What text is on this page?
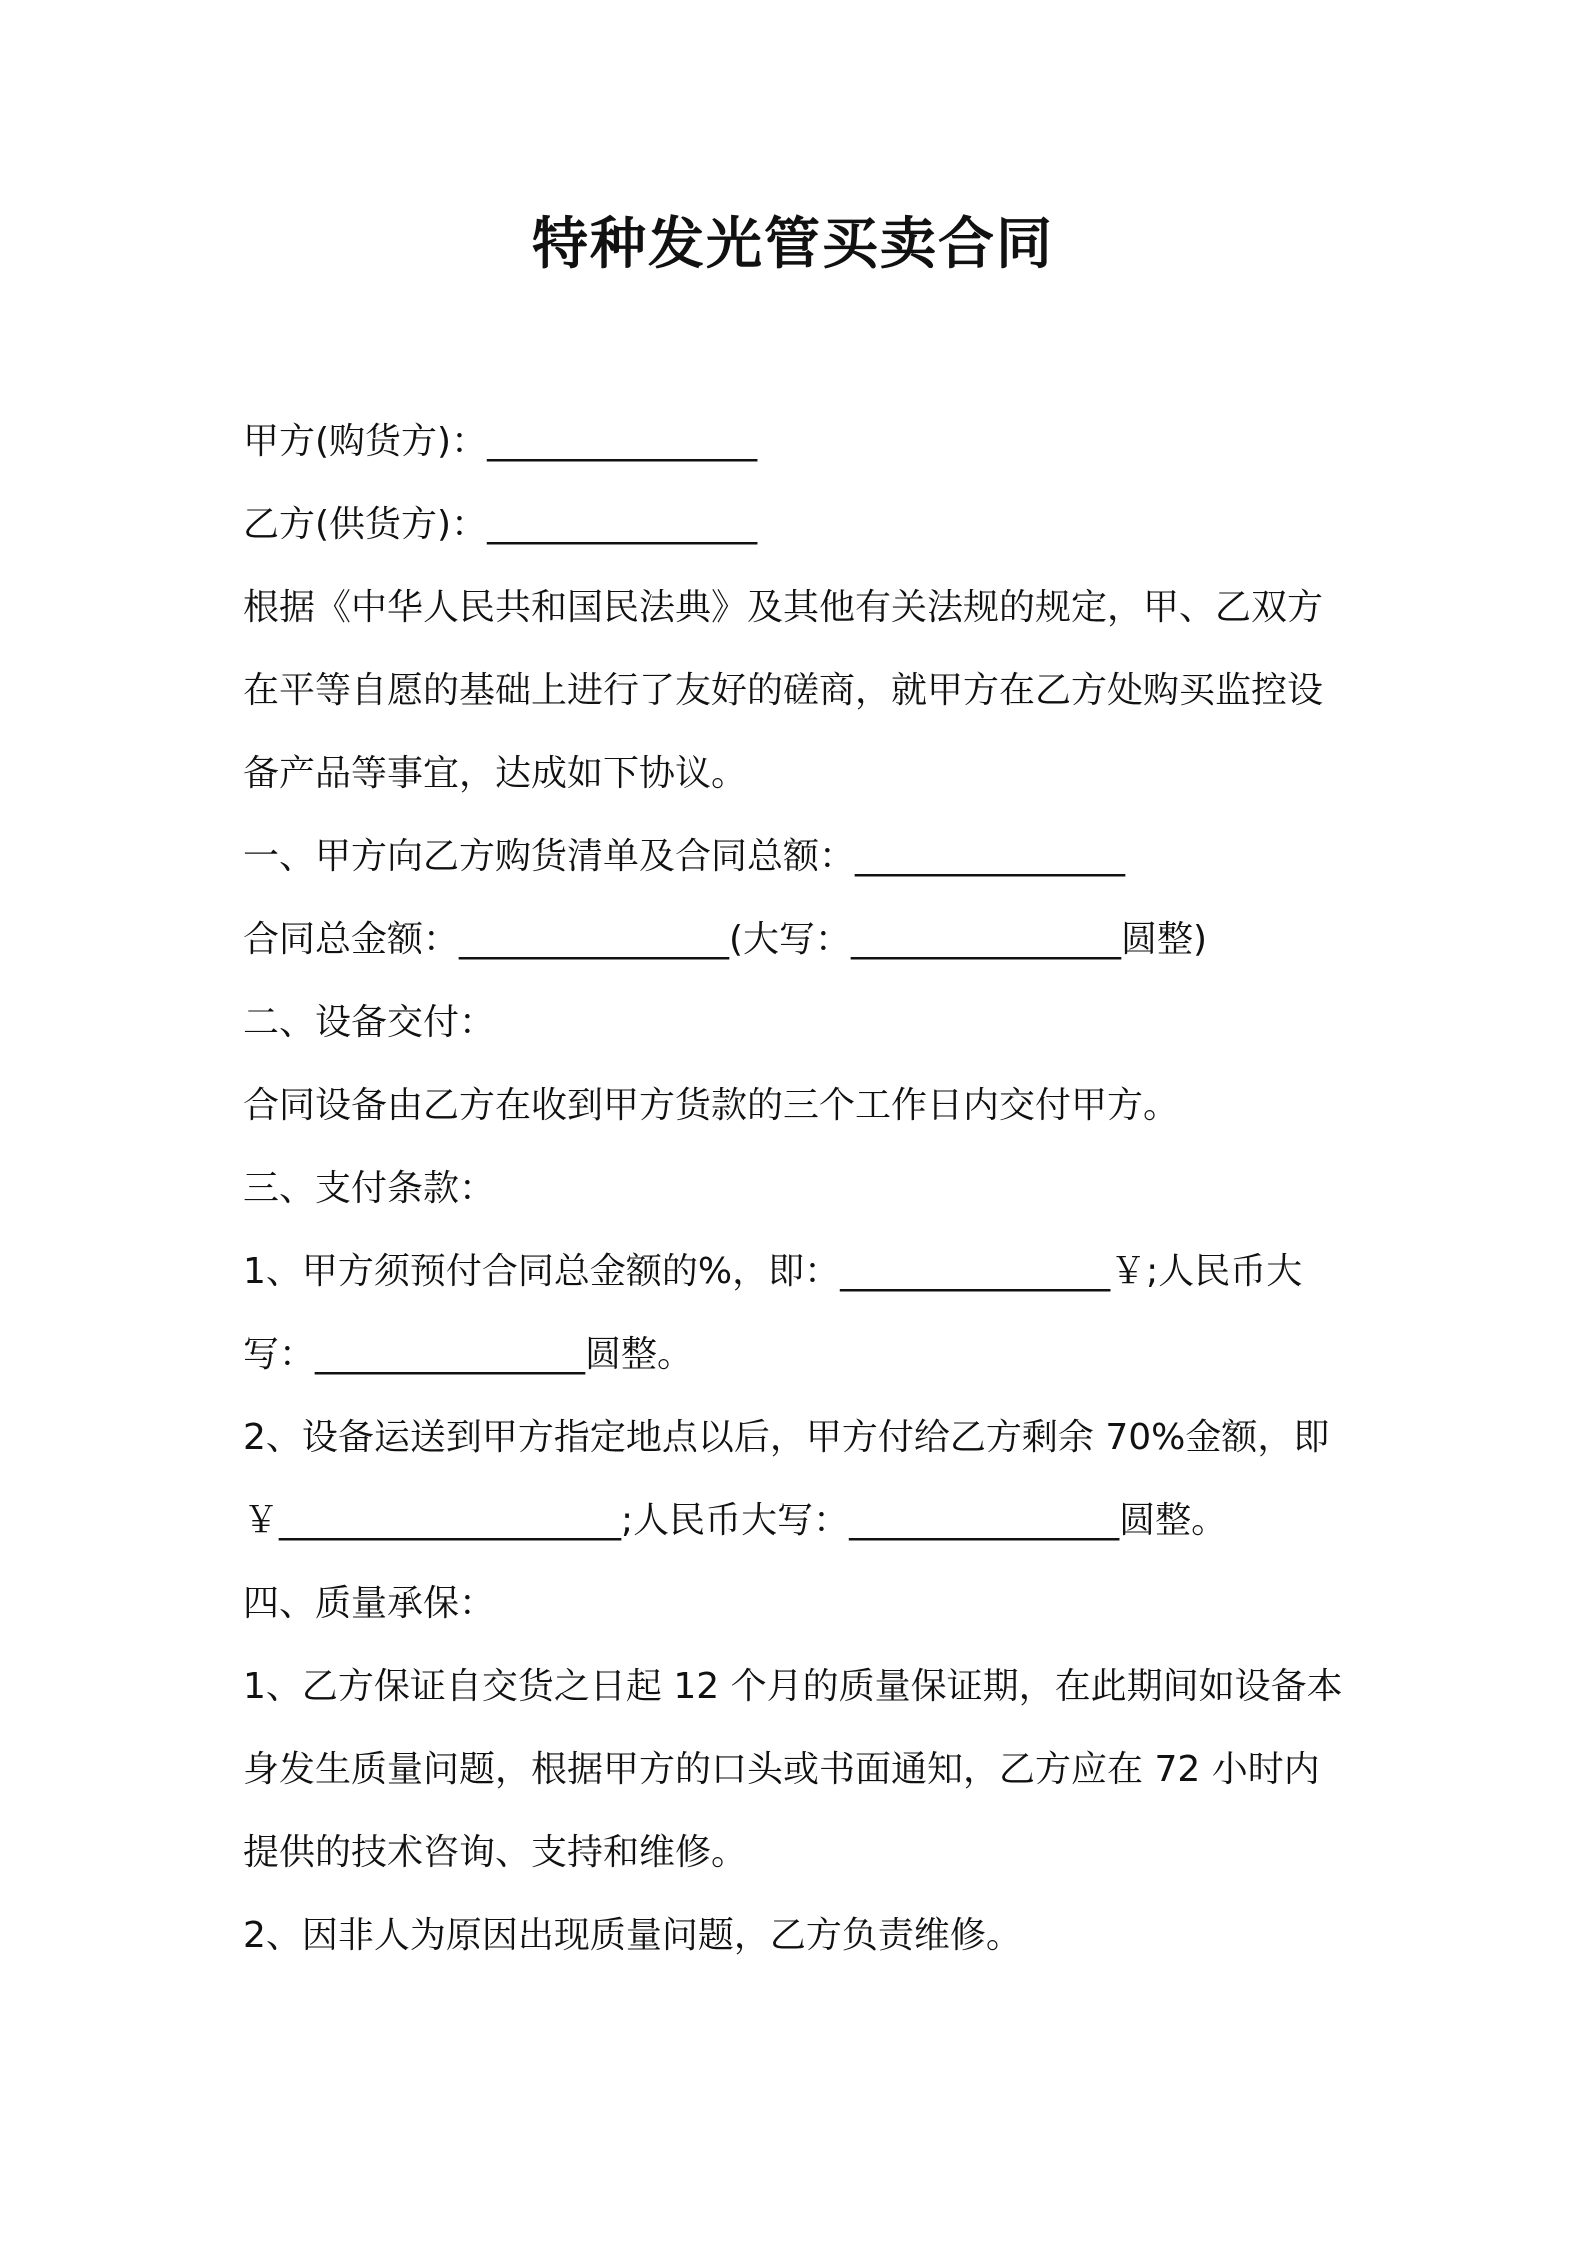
特种发光管买卖合同

甲方(购货方)：_______________

乙方(供货方)：_______________

根据《中华人民共和国民法典》及其他有关法规的规定，甲、乙双方在平等自愿的基础上进行了友好的磋商，就甲方在乙方处购买监控设备产品等事宜，达成如下协议。

一、甲方向乙方购货清单及合同总额：_______________

合同总金额：_______________(大写：_______________圆整)

二、设备交付：

合同设备由乙方在收到甲方货款的三个工作日内交付甲方。

三、支付条款：

1、甲方须预付合同总金额的%，即：_______________￥;人民币大写：_______________圆整。

2、设备运送到甲方指定地点以后，甲方付给乙方剩余 70%金额，即￥___________________;人民币大写：_______________圆整。

四、质量承保：

1、乙方保证自交货之日起 12 个月的质量保证期，在此期间如设备本身发生质量问题，根据甲方的口头或书面通知，乙方应在 72 小时内提供的技术咨询、支持和维修。

2、因非人为原因出现质量问题，乙方负责维修。
